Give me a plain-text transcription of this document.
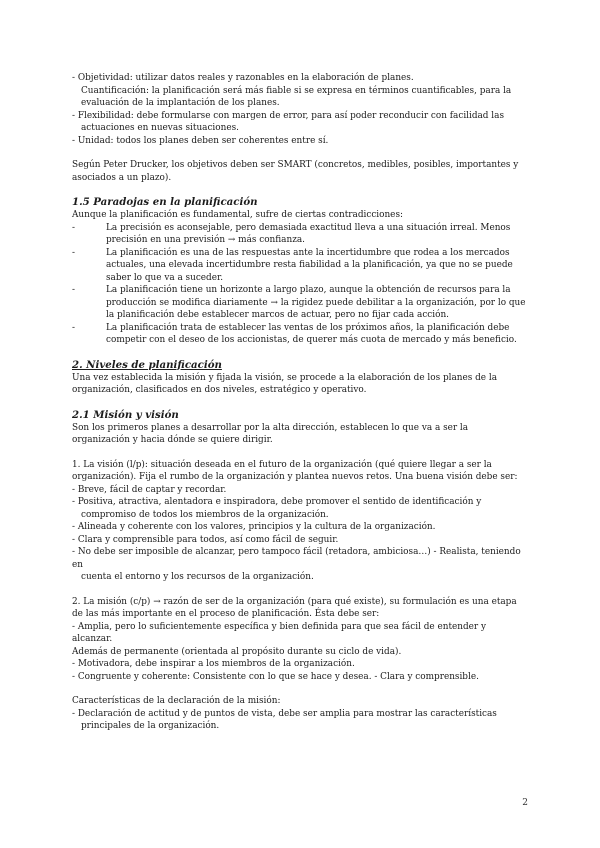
- Objetividad: utilizar datos reales y razonables en la elaboración de planes.

Cuantificación: la planificación será más fiable si se expresa en términos cuantificables, para la evaluación de la implantación de los planes.

- Flexibilidad: debe formularse con margen de error, para así poder reconducir con facilidad las

actuaciones en nuevas situaciones.

- Unidad: todos los planes deben ser coherentes entre sí.

Según Peter Drucker, los objetivos deben ser SMART (concretos, medibles, posibles, importantes y asociados a un plazo).

1.5 Paradojas en la planificación

Aunque la planificación es fundamental, sufre de ciertas contradicciones:

-	La precisión es aconsejable, pero demasiada exactitud lleva a una situación irreal. Menos precisión en una previsión → más confianza.
-	La planificación es una de las respuestas ante la incertidumbre que rodea a los mercados actuales, una elevada incertidumbre resta fiabilidad a la planificación, ya que no se puede saber lo que va a suceder.
-	La planificación tiene un horizonte a largo plazo, aunque la obtención de recursos para la producción se modifica diariamente → la rigidez puede debilitar a la organización, por lo que la planificación debe establecer marcos de actuar, pero no fijar cada acción.
-	La planificación trata de establecer las ventas de los próximos años, la planificación debe competir con el deseo de los accionistas, de querer más cuota de mercado y más beneficio.
2. Niveles de planificación

Una vez establecida la misión y fijada la visión, se procede a la elaboración de los planes de la organización, clasificados en dos niveles, estratégico y operativo.

2.1 Misión y visión

Son los primeros planes a desarrollar por la alta dirección, establecen lo que va a ser la organización y hacia dónde se quiere dirigir.

1. La visión (l/p): situación deseada en el futuro de la organización (qué quiere llegar a ser la organización). Fija el rumbo de la organización y plantea nuevos retos. Una buena visión debe ser:

- Breve, fácil de captar y recordar.

- Positiva, atractiva, alentadora e inspiradora, debe promover el sentido de identificación y

compromiso de todos los miembros de la organización.

- Alineada y coherente con los valores, principios y la cultura de la organización.

- Clara y comprensible para todos, así como fácil de seguir.

- No debe ser imposible de alcanzar, pero tampoco fácil (retadora, ambiciosa…) - Realista, teniendo en

cuenta el entorno y los recursos de la organización.

2. La misión (c/p) → razón de ser de la organización (para qué existe), su formulación es una etapa de las más importante en el proceso de planificación. Ésta debe ser:

- Amplia, pero lo suficientemente específica y bien definida para que sea fácil de entender y alcanzar.

Además de permanente (orientada al propósito durante su ciclo de vida).

- Motivadora, debe inspirar a los miembros de la organización.

- Congruente y coherente: Consistente con lo que se hace y desea. - Clara y comprensible.

Características de la declaración de la misión:

- Declaración de actitud y de puntos de vista, debe ser amplia para mostrar las características

principales de la organización.

2
